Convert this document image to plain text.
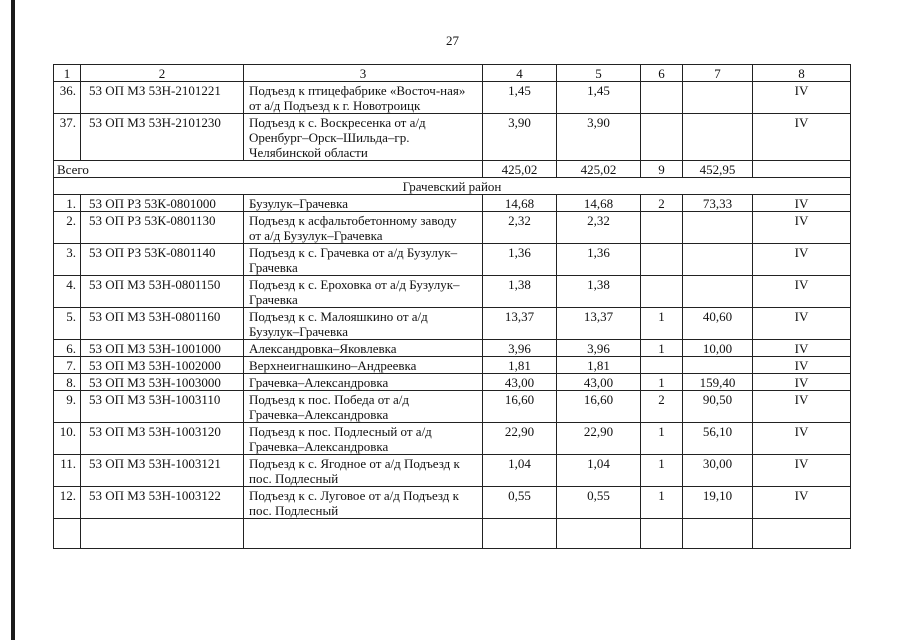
27
1	2	3	4	5	6	7	8
36.	53 ОП МЗ 53Н-2101221	Подъезд к птицефабрике «Восточ-ная» от а/д Подъезд к г. Новотроицк	1,45	1,45			IV
37.	53 ОП МЗ 53Н-2101230	Подъезд к с. Воскресенка от а/д Оренбург–Орск–Шильда–гр. Челябинской области	3,90	3,90			IV
Всего			425,02	425,02	9	452,95	
Грачевский район							
1.	53 ОП РЗ 53К-0801000	Бузулук–Грачевка	14,68	14,68	2	73,33	IV
2.	53 ОП РЗ 53К-0801130	Подъезд к асфальтобетонному заводу от а/д Бузулук–Грачевка	2,32	2,32			IV
3.	53 ОП РЗ 53К-0801140	Подъезд к с. Грачевка от а/д Бузулук–Грачевка	1,36	1,36			IV
4.	53 ОП МЗ 53Н-0801150	Подъезд к с. Ероховка от а/д Бузулук– Грачевка	1,38	1,38			IV
5.	53 ОП МЗ 53Н-0801160	Подъезд к с. Малояшкино от а/д Бузулук–Грачевка	13,37	13,37	1	40,60	IV
6.	53 ОП МЗ 53Н-1001000	Александровка–Яковлевка	3,96	3,96	1	10,00	IV
7.	53 ОП МЗ 53Н-1002000	Верхнеигнашкино–Андреевка	1,81	1,81			IV
8.	53 ОП МЗ 53Н-1003000	Грачевка–Александровка	43,00	43,00	1	159,40	IV
9.	53 ОП МЗ 53Н-1003110	Подъезд к пос. Победа от а/д Грачевка–Александровка	16,60	16,60	2	90,50	IV
10.	53 ОП МЗ 53Н-1003120	Подъезд к пос. Подлесный от а/д Грачевка–Александровка	22,90	22,90	1	56,10	IV
11.	53 ОП МЗ 53Н-1003121	Подъезд к с. Ягодное от а/д Подъезд к пос. Подлесный	1,04	1,04	1	30,00	IV
12.	53 ОП МЗ 53Н-1003122	Подъезд к с. Луговое от а/д Подъезд к пос. Подлесный	0,55	0,55	1	19,10	IV
